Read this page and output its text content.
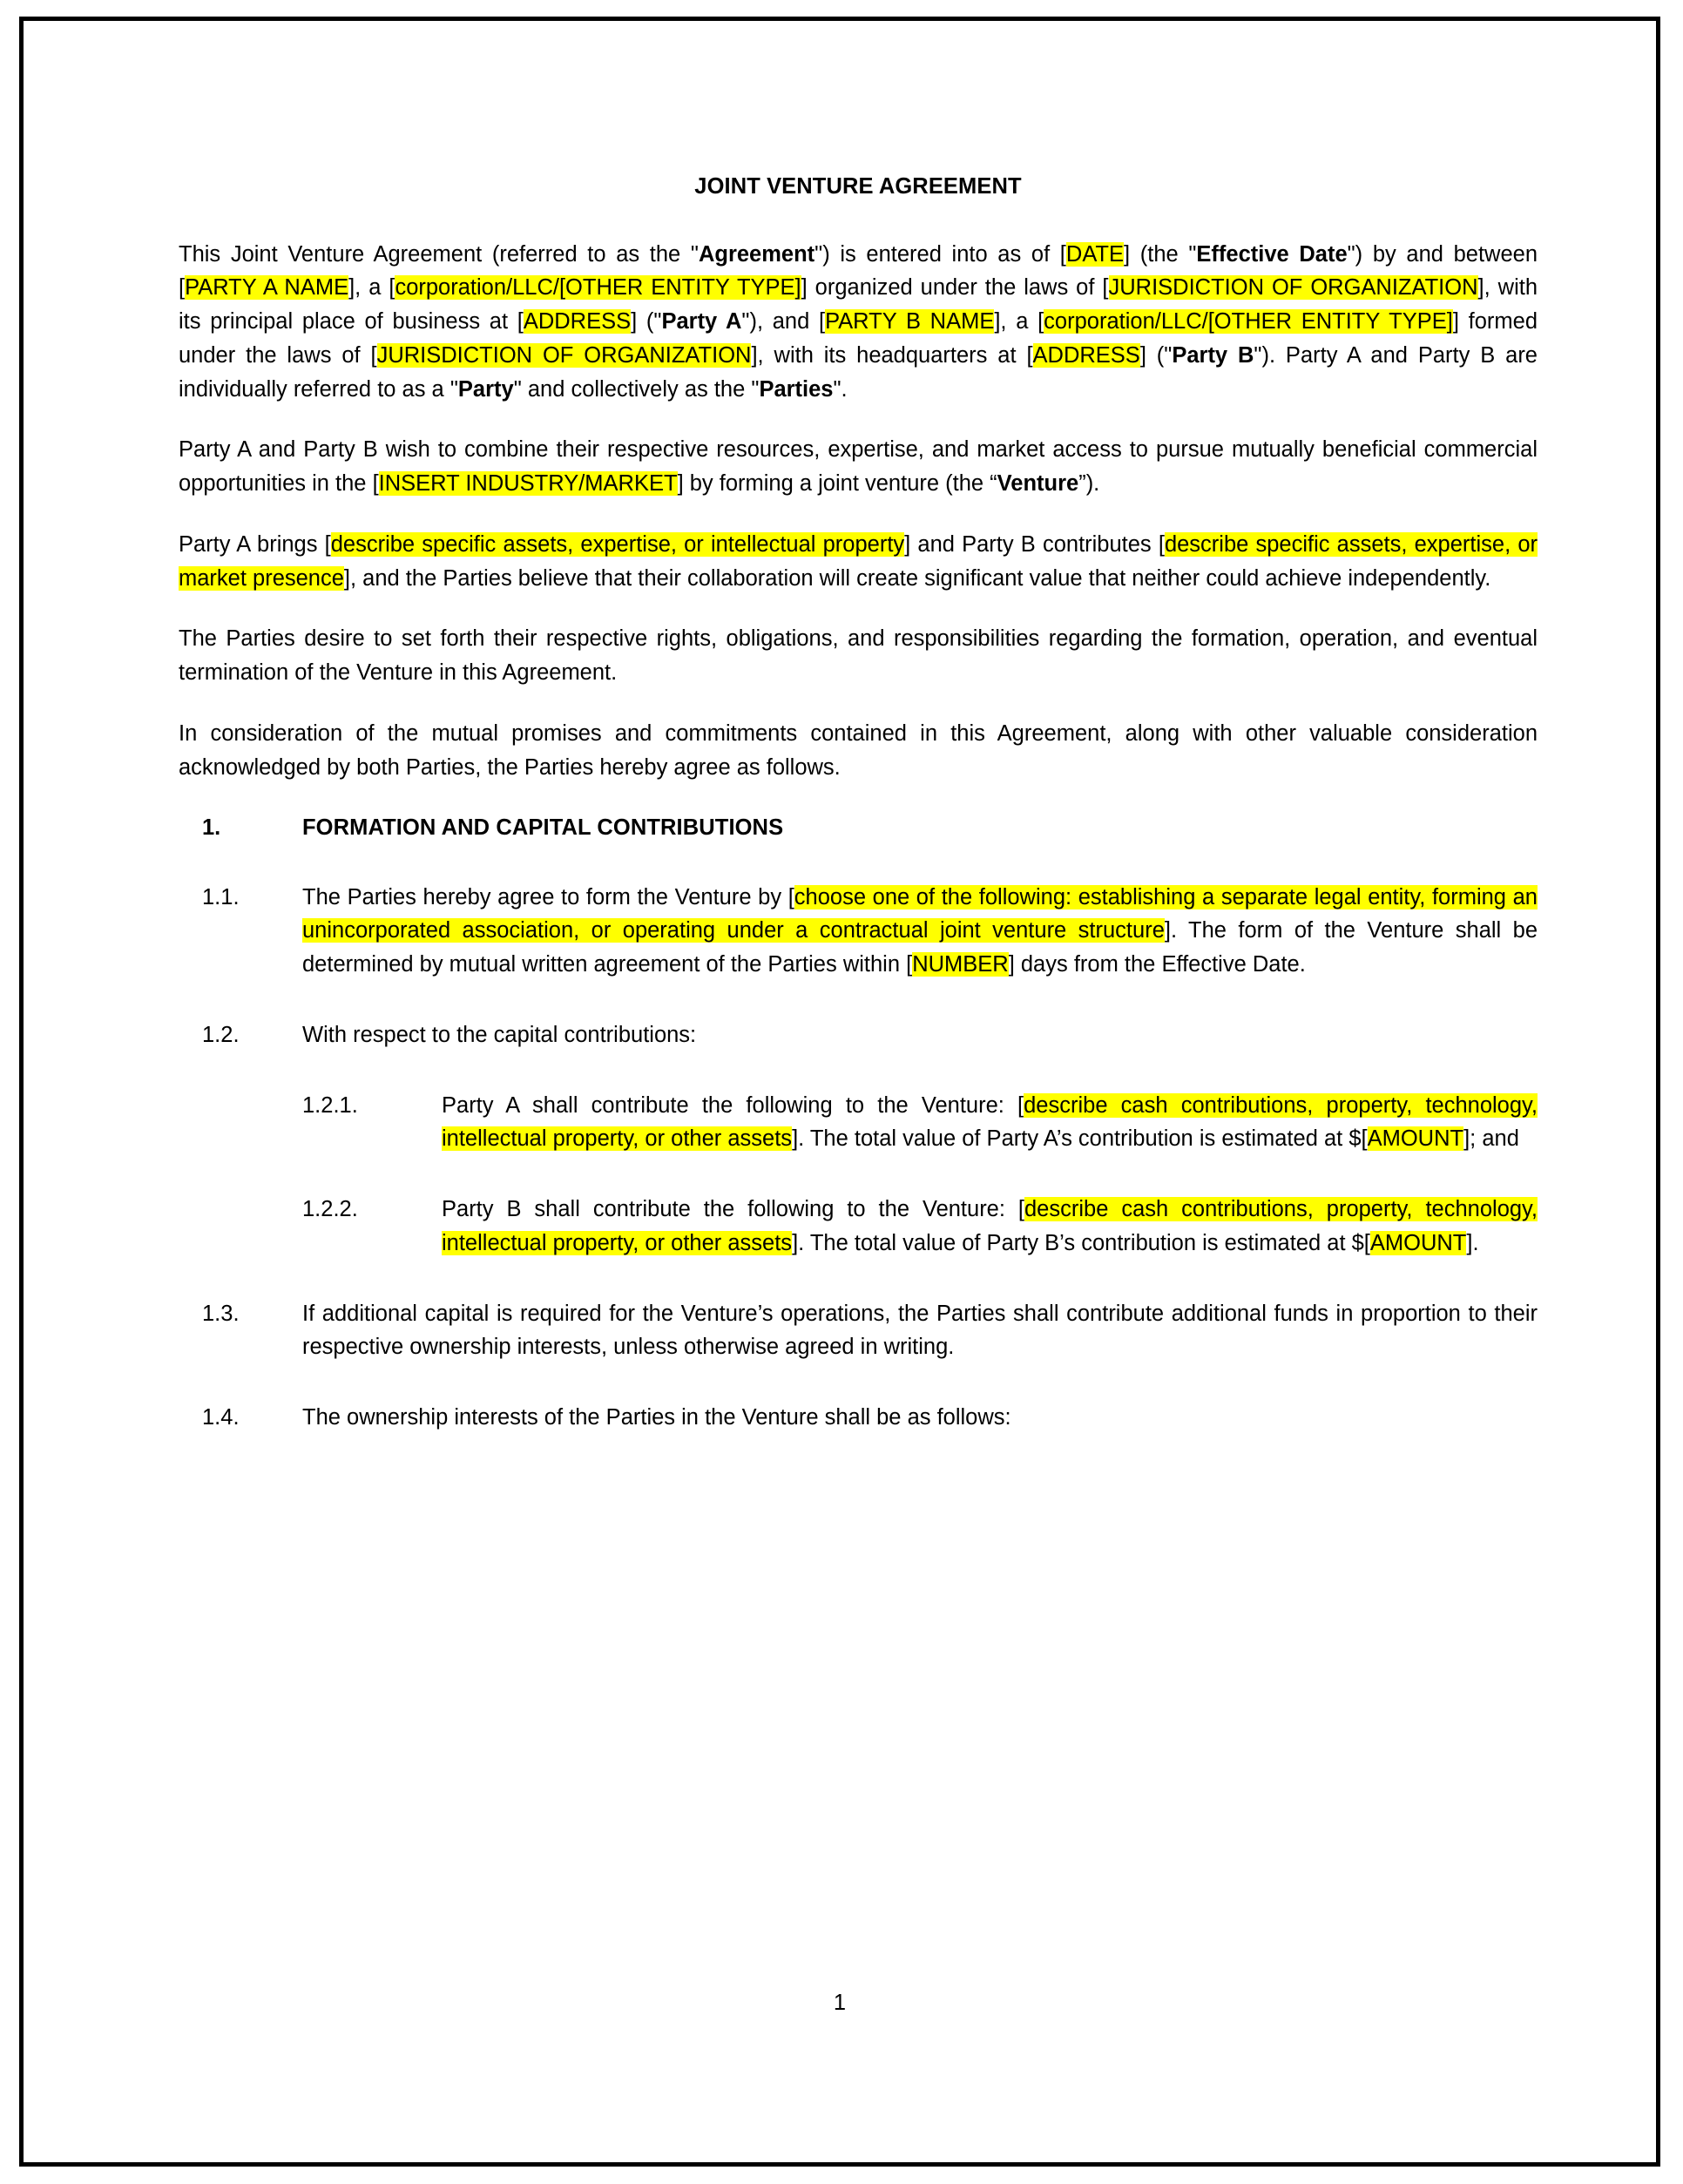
JOINT VENTURE AGREEMENT

This Joint Venture Agreement (referred to as the "Agreement") is entered into as of [DATE] (the "Effective Date") by and between [PARTY A NAME], a [corporation/LLC/[OTHER ENTITY TYPE]] organized under the laws of [JURISDICTION OF ORGANIZATION], with its principal place of business at [ADDRESS] ("Party A"), and [PARTY B NAME], a [corporation/LLC/[OTHER ENTITY TYPE]] formed under the laws of [JURISDICTION OF ORGANIZATION], with its headquarters at [ADDRESS] ("Party B"). Party A and Party B are individually referred to as a "Party" and collectively as the "Parties".

Party A and Party B wish to combine their respective resources, expertise, and market access to pursue mutually beneficial commercial opportunities in the [INSERT INDUSTRY/MARKET] by forming a joint venture (the “Venture”).

Party A brings [describe specific assets, expertise, or intellectual property] and Party B contributes [describe specific assets, expertise, or market presence], and the Parties believe that their collaboration will create significant value that neither could achieve independently.

The Parties desire to set forth their respective rights, obligations, and responsibilities regarding the formation, operation, and eventual termination of the Venture in this Agreement.

In consideration of the mutual promises and commitments contained in this Agreement, along with other valuable consideration acknowledged by both Parties, the Parties hereby agree as follows.

1.	FORMATION AND CAPITAL CONTRIBUTIONS
1.1.	The Parties hereby agree to form the Venture by [choose one of the following: establishing a separate legal entity, forming an unincorporated association, or operating under a contractual joint venture structure]. The form of the Venture shall be determined by mutual written agreement of the Parties within [NUMBER] days from the Effective Date.
1.2.	With respect to the capital contributions:
1.2.1.	Party A shall contribute the following to the Venture: [describe cash contributions, property, technology, intellectual property, or other assets]. The total value of Party A’s contribution is estimated at $[AMOUNT]; and
1.2.2.	Party B shall contribute the following to the Venture: [describe cash contributions, property, technology, intellectual property, or other assets]. The total value of Party B’s contribution is estimated at $[AMOUNT].
1.3.	If additional capital is required for the Venture’s operations, the Parties shall contribute additional funds in proportion to their respective ownership interests, unless otherwise agreed in writing.
1.4.	The ownership interests of the Parties in the Venture shall be as follows:
1
